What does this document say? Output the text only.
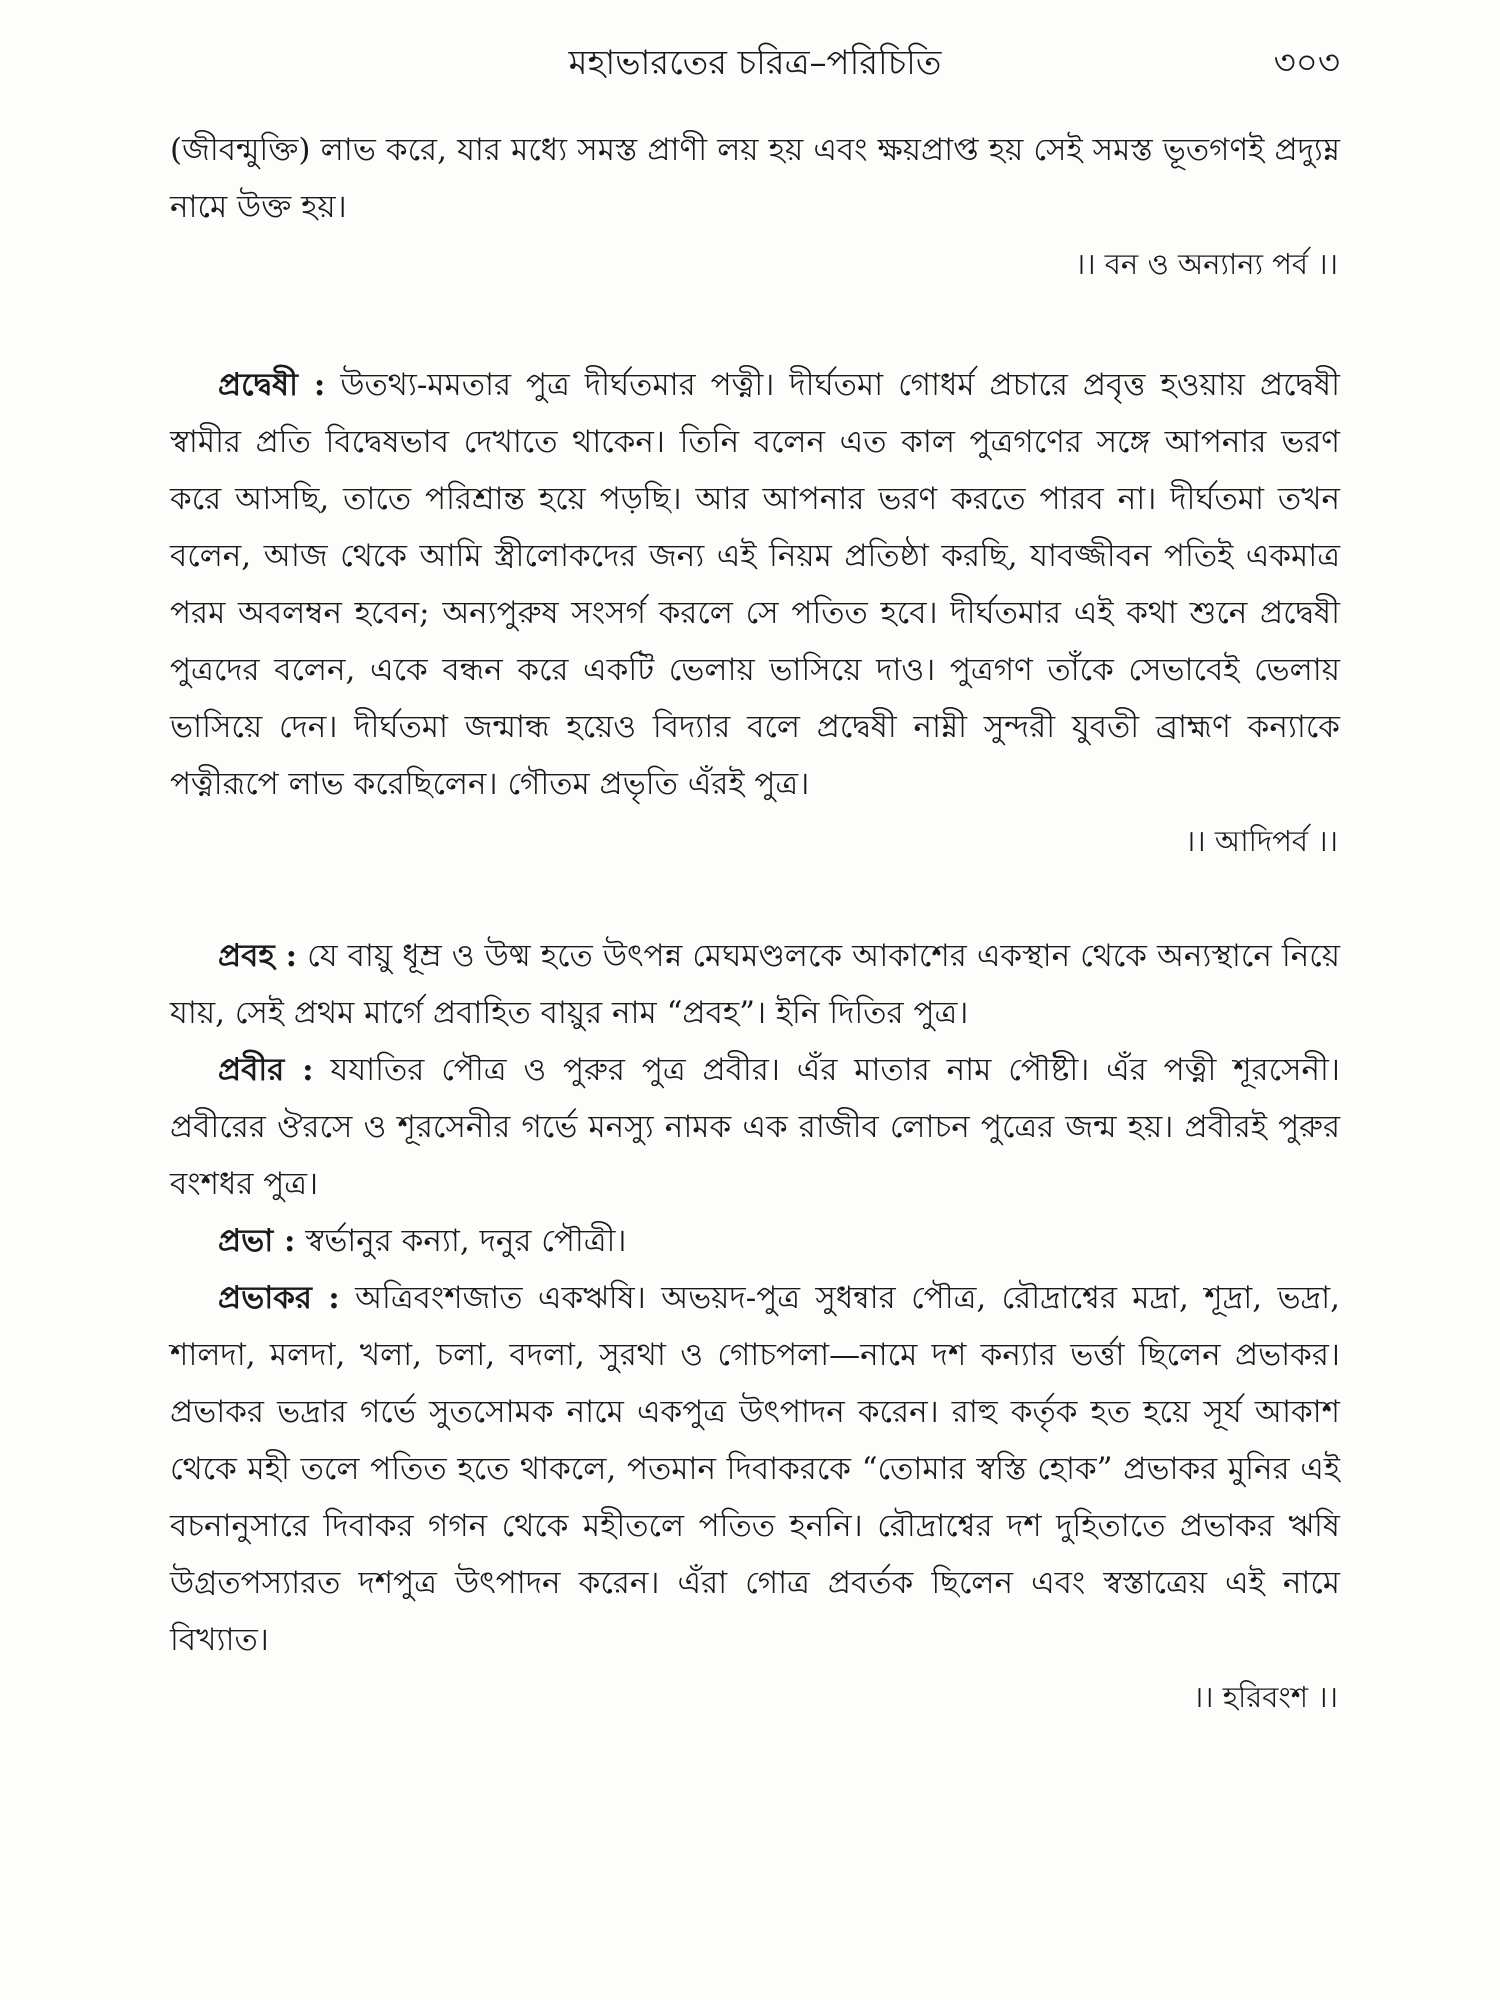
মহাভারতের চরিত্র–পরিচিতি	৩০৩

(জীবন্মুক্তি) লাভ করে, যার মধ্যে সমস্ত প্রাণী লয় হয় এবং ক্ষয়প্রাপ্ত হয় সেই সমস্ত ভূতগণই প্রদ্যুম্ন নামে উক্ত হয়।

।। বন ও অন্যান্য পর্ব ।।

প্রদ্বেষী : উতথ্য-মমতার পুত্র দীর্ঘতমার পত্নী। দীর্ঘতমা গোধর্ম প্রচারে প্রবৃত্ত হওয়ায় প্রদ্বেষী স্বামীর প্রতি বিদ্বেষভাব দেখাতে থাকেন। তিনি বলেন এত কাল পুত্রগণের সঙ্গে আপনার ভরণ করে আসছি, তাতে পরিশ্রান্ত হয়ে পড়ছি। আর আপনার ভরণ করতে পারব না। দীর্ঘতমা তখন বলেন, আজ থেকে আমি স্ত্রীলোকদের জন্য এই নিয়ম প্রতিষ্ঠা করছি, যাবজ্জীবন পতিই একমাত্র পরম অবলম্বন হবেন; অন্যপুরুষ সংসর্গ করলে সে পতিত হবে। দীর্ঘতমার এই কথা শুনে প্রদ্বেষী পুত্রদের বলেন, একে বন্ধন করে একটি ভেলায় ভাসিয়ে দাও। পুত্রগণ তাঁকে সেভাবেই ভেলায় ভাসিয়ে দেন। দীর্ঘতমা জন্মান্ধ হয়েও বিদ্যার বলে প্রদ্বেষী নাম্নী সুন্দরী যুবতী ব্রাহ্মণ কন্যাকে পত্নীরূপে লাভ করেছিলেন। গৌতম প্রভৃতি এঁরই পুত্র।

।। আদিপর্ব ।।

প্রবহ : যে বায়ু ধূম্র ও উষ্ম হতে উৎপন্ন মেঘমণ্ডলকে আকাশের একস্থান থেকে অন্যস্থানে নিয়ে যায়, সেই প্রথম মার্গে প্রবাহিত বায়ুর নাম “প্রবহ”। ইনি দিতির পুত্র।

প্রবীর : যযাতির পৌত্র ও পুরুর পুত্র প্রবীর। এঁর মাতার নাম পৌষ্টী। এঁর পত্নী শূরসেনী। প্রবীরের ঔরসে ও শূরসেনীর গর্ভে মনস্যু নামক এক রাজীব লোচন পুত্রের জন্ম হয়। প্রবীরই পুরুর বংশধর পুত্র।

প্রভা : স্বর্ভানুর কন্যা, দনুর পৌত্রী।

প্রভাকর : অত্রিবংশজাত একঋষি। অভয়দ-পুত্র সুধন্বার পৌত্র, রৌদ্রাশ্বের মদ্রা, শূদ্রা, ভদ্রা, শালদা, মলদা, খলা, চলা, বদলা, সুরথা ও গোচপলা—নামে দশ কন্যার ভর্ত্তা ছিলেন প্রভাকর। প্রভাকর ভদ্রার গর্ভে সুতসোমক নামে একপুত্র উৎপাদন করেন। রাহু কর্তৃক হত হয়ে সূর্য আকাশ থেকে মহী তলে পতিত হতে থাকলে, পতমান দিবাকরকে “তোমার স্বস্তি হোক” প্রভাকর মুনির এই বচনানুসারে দিবাকর গগন থেকে মহীতলে পতিত হননি। রৌদ্রাশ্বের দশ দুহিতাতে প্রভাকর ঋষি উগ্রতপস্যারত দশপুত্র উৎপাদন করেন। এঁরা গোত্র প্রবর্তক ছিলেন এবং স্বস্তাত্রেয় এই নামে বিখ্যাত।

।। হরিবংশ ।।
